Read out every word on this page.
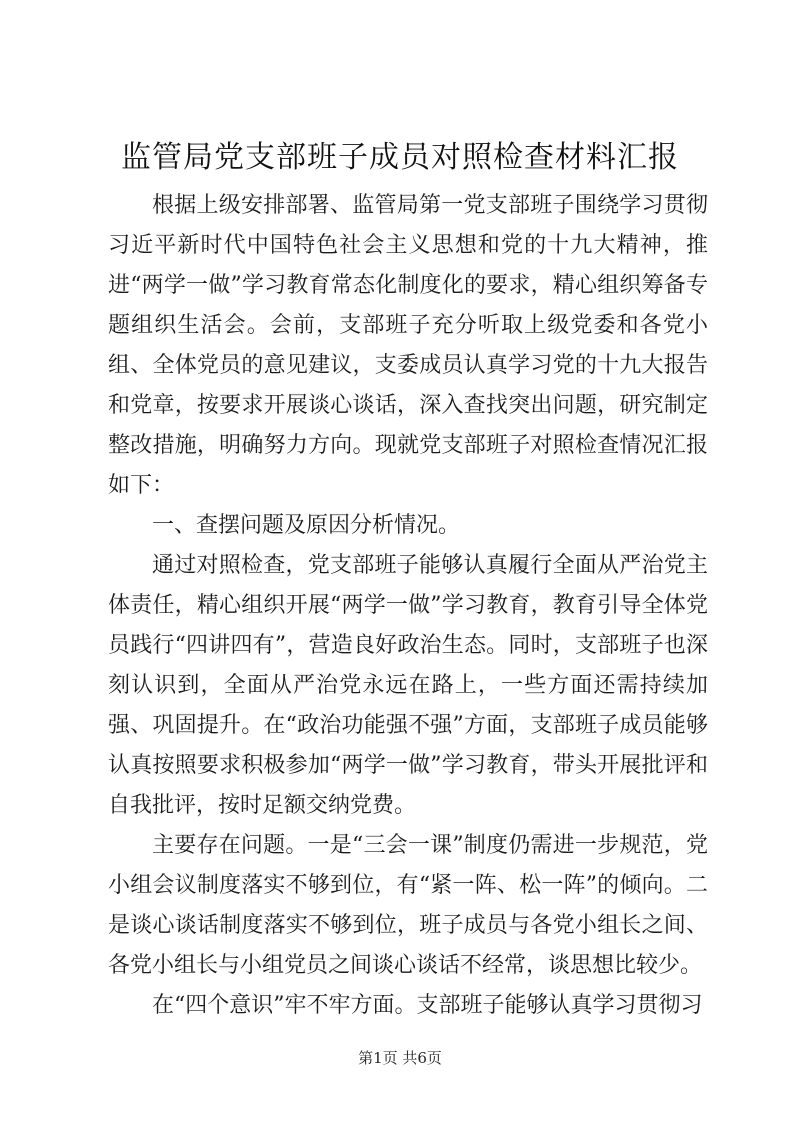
监管局党支部班子成员对照检查材料汇报

根据上级安排部署、监管局第一党支部班子围绕学习贯彻习近平新时代中国特色社会主义思想和党的十九大精神，推进“两学一做”学习教育常态化制度化的要求，精心组织筹备专题组织生活会。会前，支部班子充分听取上级党委和各党小组、全体党员的意见建议，支委成员认真学习党的十九大报告和党章，按要求开展谈心谈话，深入查找突出问题，研究制定整改措施，明确努力方向。现就党支部班子对照检查情况汇报如下：

一、查摆问题及原因分析情况。

通过对照检查，党支部班子能够认真履行全面从严治党主体责任，精心组织开展“两学一做”学习教育，教育引导全体党员践行“四讲四有”，营造良好政治生态。同时，支部班子也深刻认识到，全面从严治党永远在路上，一些方面还需持续加强、巩固提升。在“政治功能强不强”方面，支部班子成员能够认真按照要求积极参加“两学一做”学习教育，带头开展批评和自我批评，按时足额交纳党费。

主要存在问题。一是“三会一课”制度仍需进一步规范，党小组会议制度落实不够到位，有“紧一阵、松一阵”的倾向。二是谈心谈话制度落实不够到位，班子成员与各党小组长之间、各党小组长与小组党员之间谈心谈话不经常，谈思想比较少。

在“四个意识”牢不牢方面。支部班子能够认真学习贯彻习

第1页 共6页
